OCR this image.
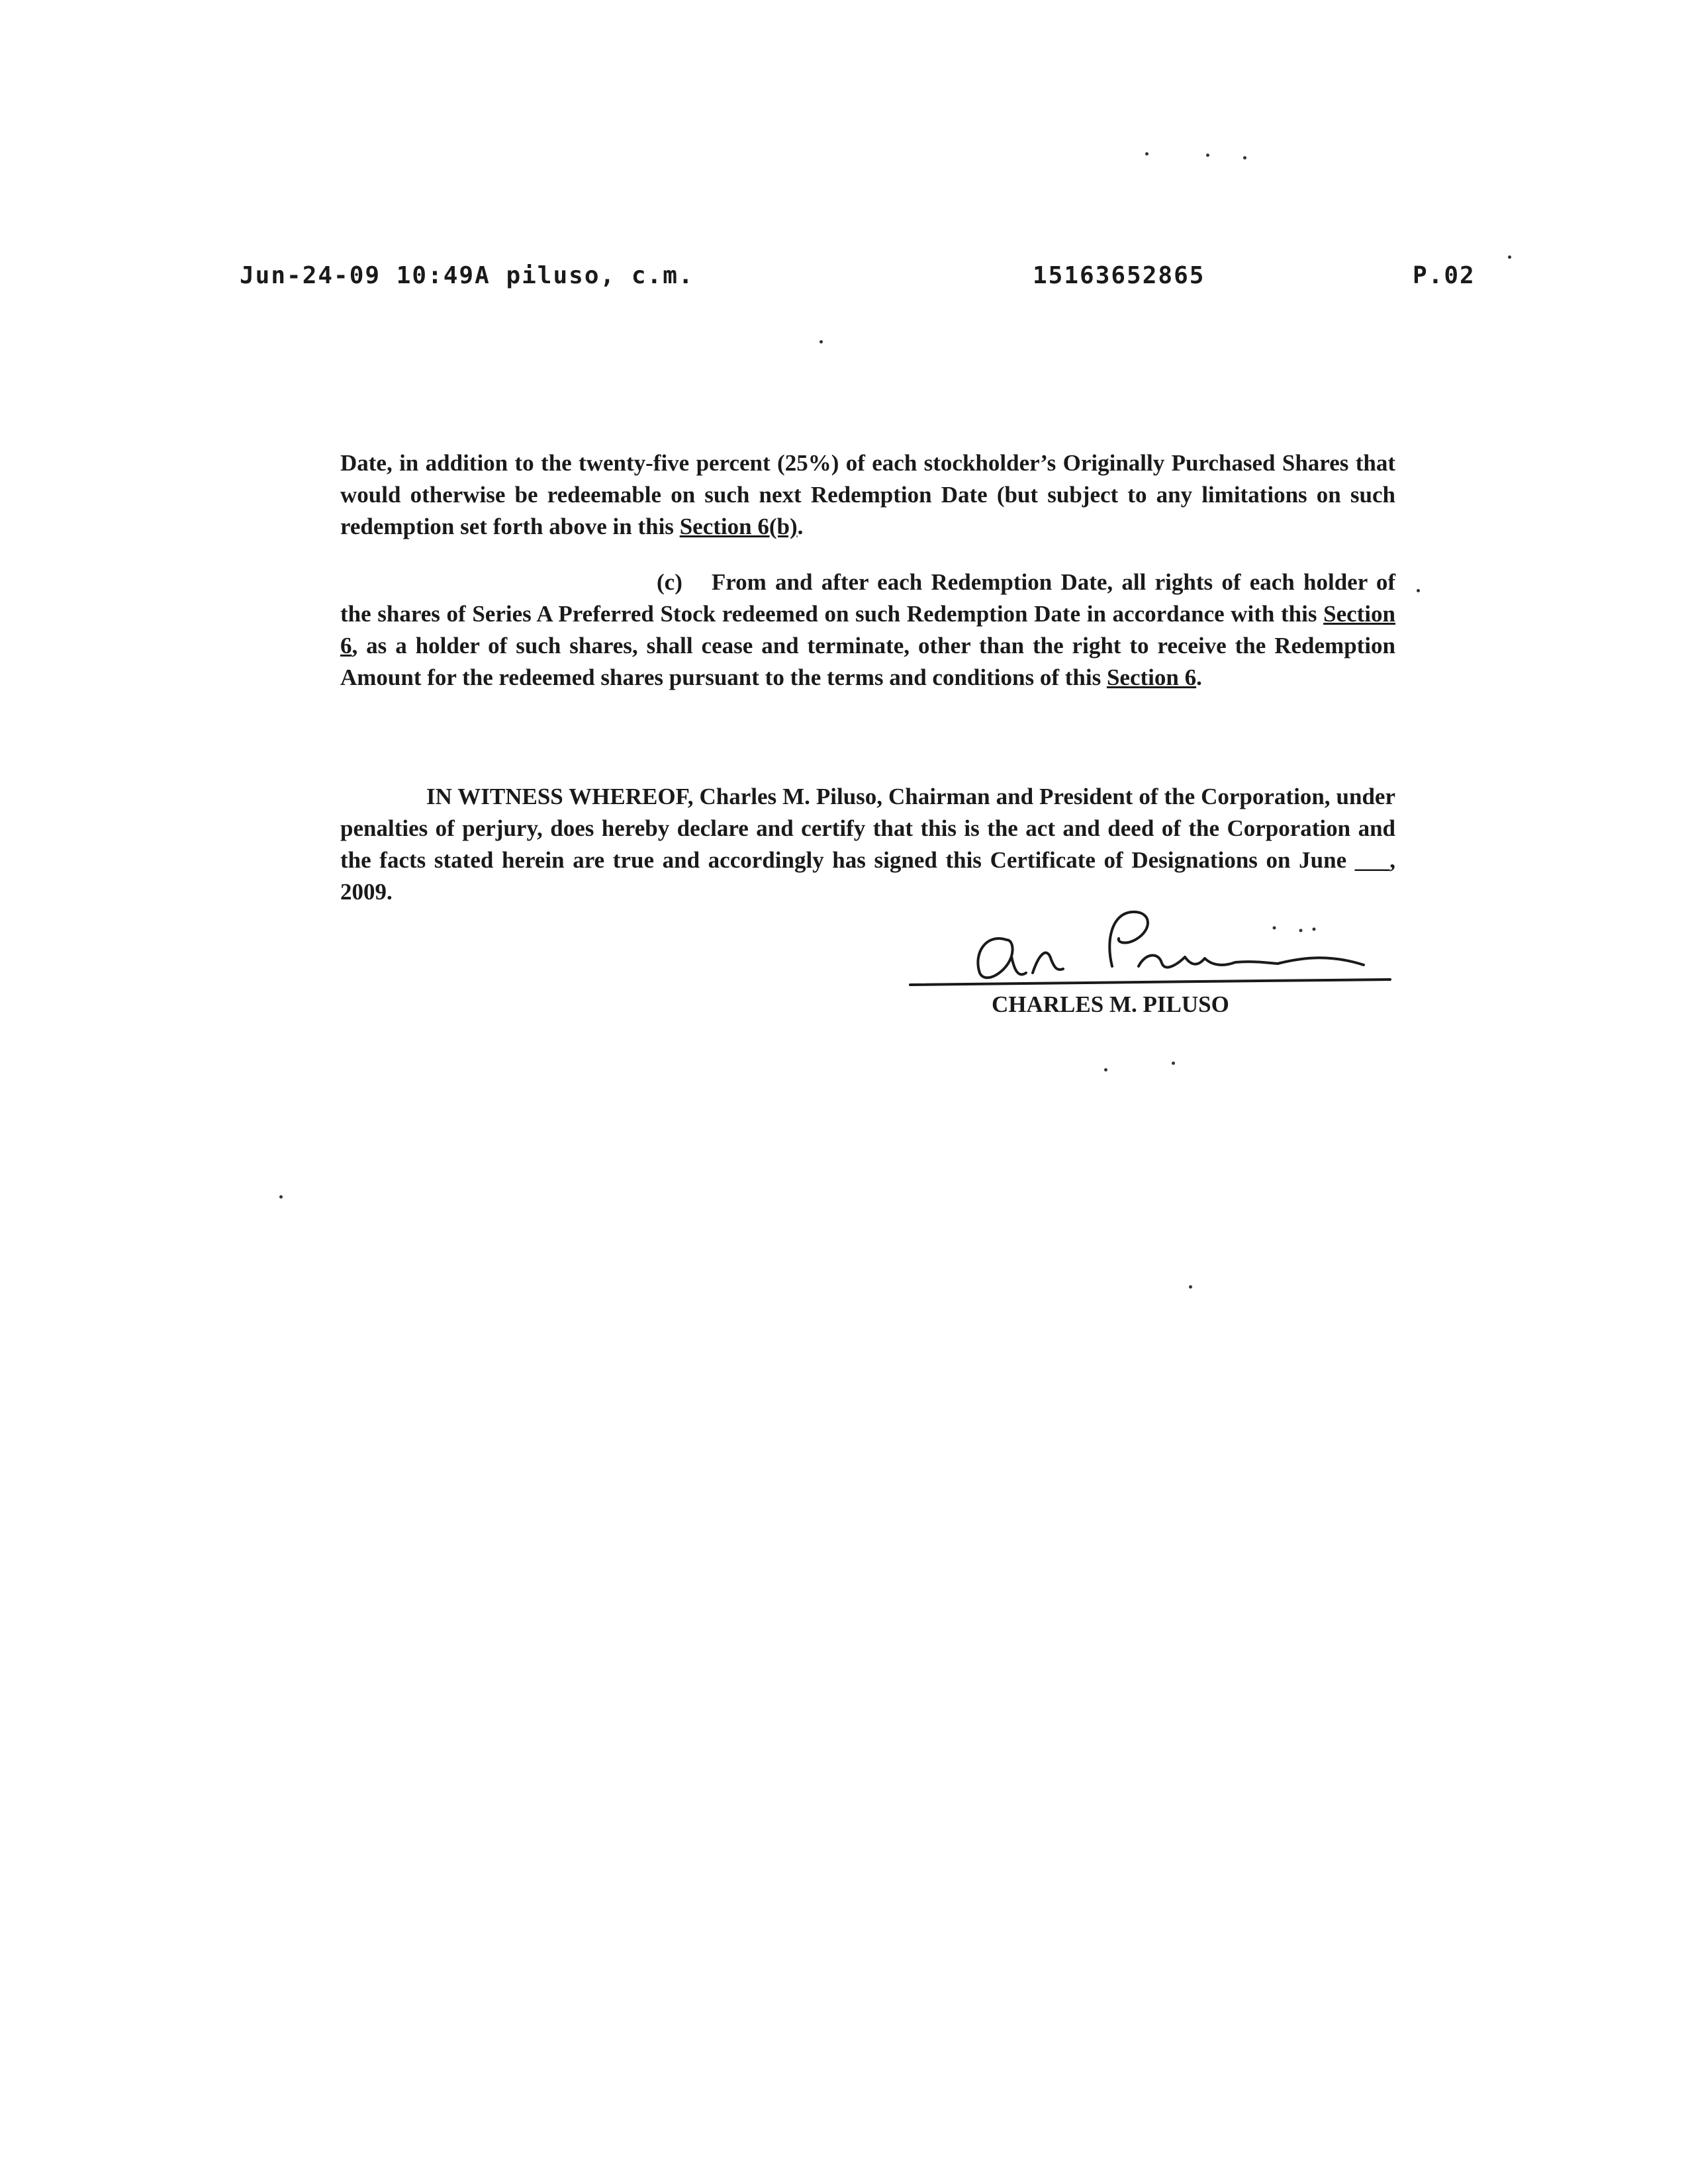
Jun-24-09 10:49A piluso, c.m.	15163652865	P.02
Date, in addition to the twenty-five percent (25%) of each stockholder’s Originally Purchased Shares that would otherwise be redeemable on such next Redemption Date (but subject to any limitations on such redemption set forth above in this Section 6(b).
(c) From and after each Redemption Date, all rights of each holder of the shares of Series A Preferred Stock redeemed on such Redemption Date in accordance with this Section 6, as a holder of such shares, shall cease and terminate, other than the right to receive the Redemption Amount for the redeemed shares pursuant to the terms and conditions of this Section 6.
IN WITNESS WHEREOF, Charles M. Piluso, Chairman and President of the Corporation, under penalties of perjury, does hereby declare and certify that this is the act and deed of the Corporation and the facts stated herein are true and accordingly has signed this Certificate of Designations on June ___, 2009.
CHARLES M. PILUSO
